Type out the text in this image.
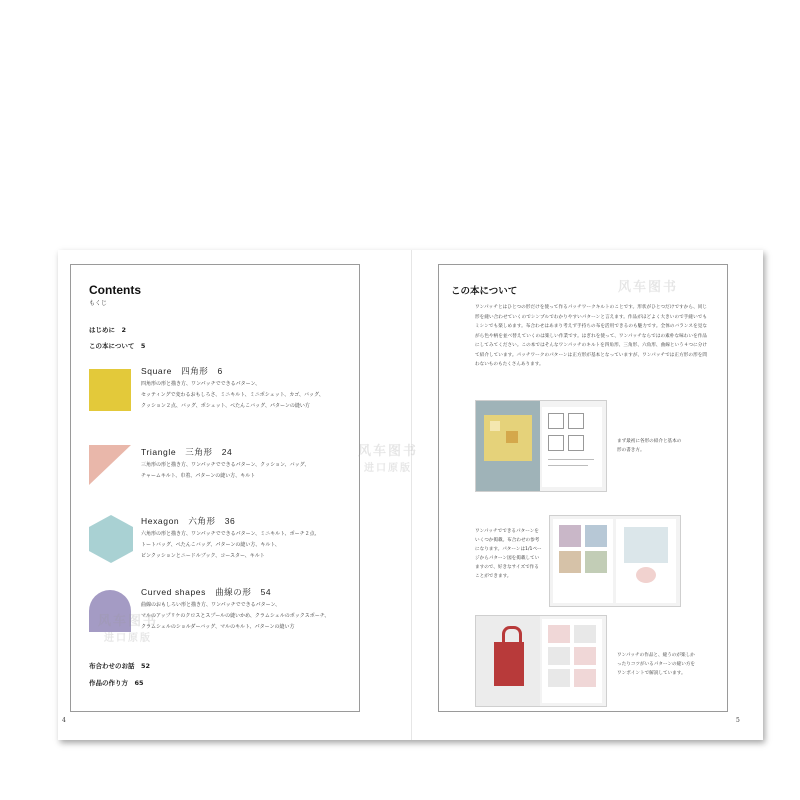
Contents
もくじ
はじめに　2
この本について　5
Square　四角形　6
四角形の形と描き方、ワンパッチでできるパターン、
セッティングで変わるおもしろさ、ミニキルト、ミニポシェット、カゴ、バッグ、
クッション２点、バッグ、ポシェット、ぺたんこバッグ、パターンの縫い方
Triangle　三角形　24
三角形の形と描き方、ワンパッチでできるパターン、クッション、バッグ、
チャームキルト、巾着、パターンの縫い方、キルト
Hexagon　六角形　36
六角形の形と描き方、ワンパッチでできるパターン、ミニキルト、ポーチ２点、
トートバッグ、ぺたんこバッグ、パターンの縫い方、キルト、
ピンクッションとニードルブック、コースター、キルト
Curved shapes　曲線の形　54
曲線のおもしろい形と描き方、ワンパッチでできるパターン、
マルのアップリケのクロスとスプールの縫いかめ、クラムシェルのボックスポーチ、
クラムシェルのショルダーバッグ、マルのキルト、パターンの縫い方
布合わせのお話　52
作品の作り方　65
4
この本について
ワンパッチとはひとつの形だけを使って作るパッチワークキルトのことです。形状がひとつだけですから、同じ形を縫い合わせていくのでシンプルでわかりやすいパターンと言えます。作品がほどよく大きいので手縫いでもミシンでも楽しめます。布合わせはあまり考えず手持ちの布を活用できるのも魅力です。全体のバランスを見ながら色や柄を並べ替えていくのは楽しい作業です。はぎれを使って、ワンパッチならではの素朴な味わいを作品にしてみてください。この本ではそんなワンパッチのキルトを四角形、三角形、六角形、曲線という４つに分けて紹介しています。パッチワークのパターンは正方形が基本となっていますが、ワンパッチでは正方形の形を問わないものもたくさんあります。
まず最初に各形の紹介と基本の形の書き方。
ワンパッチでできるパターンをいくつか掲載。布合わせの参考になります。パターンは1/1ページからパターン図を掲載していますので、好きなサイズで作ることができます。
ワンパッチの作品と、縫うのが楽しかったりコツがいるパターンの縫い方をワンポイントで解説しています。
5
风车图书
进口原版
风车图书
进口原版
风车图书
